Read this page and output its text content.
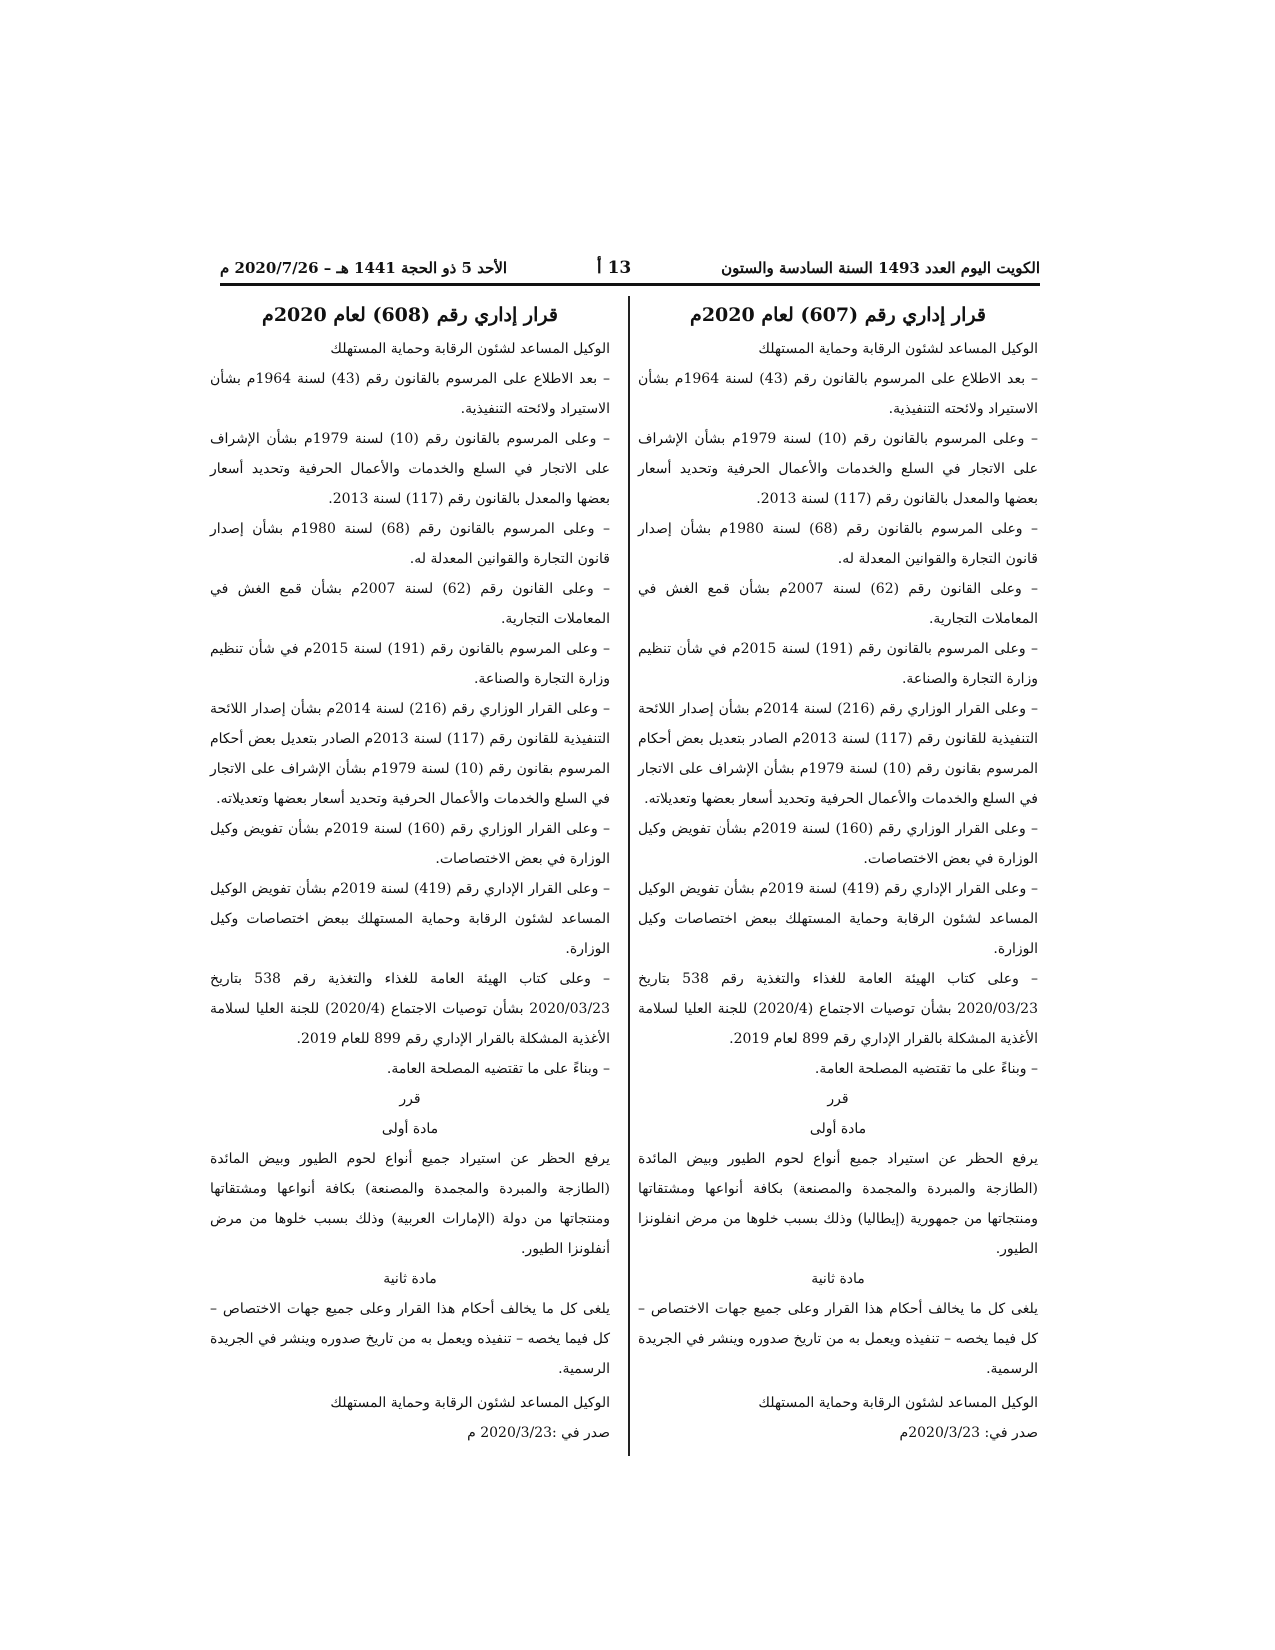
الكويت اليوم العدد 1493 السنة السادسة والستون
13 أ
الأحد 5 ذو الحجة 1441 هـ – 2020/7/26 م
قرار إداري رقم (607) لعام 2020م

الوكيل المساعد لشئون الرقابة وحماية المستهلك

– بعد الاطلاع على المرسوم بالقانون رقم (43) لسنة 1964م بشأن الاستيراد ولائحته التنفيذية.

– وعلى المرسوم بالقانون رقم (10) لسنة 1979م بشأن الإشراف على الاتجار في السلع والخدمات والأعمال الحرفية وتحديد أسعار بعضها والمعدل بالقانون رقم (117) لسنة 2013.

– وعلى المرسوم بالقانون رقم (68) لسنة 1980م بشأن إصدار قانون التجارة والقوانين المعدلة له.

– وعلى القانون رقم (62) لسنة 2007م بشأن قمع الغش في المعاملات التجارية.

– وعلى المرسوم بالقانون رقم (191) لسنة 2015م في شأن تنظيم وزارة التجارة والصناعة.

– وعلى القرار الوزاري رقم (216) لسنة 2014م بشأن إصدار اللائحة التنفيذية للقانون رقم (117) لسنة 2013م الصادر بتعديل بعض أحكام المرسوم بقانون رقم (10) لسنة 1979م بشأن الإشراف على الاتجار في السلع والخدمات والأعمال الحرفية وتحديد أسعار بعضها وتعديلاته.

– وعلى القرار الوزاري رقم (160) لسنة 2019م بشأن تفويض وكيل الوزارة في بعض الاختصاصات.

– وعلى القرار الإداري رقم (419) لسنة 2019م بشأن تفويض الوكيل المساعد لشئون الرقابة وحماية المستهلك ببعض اختصاصات وكيل الوزارة.

– وعلى كتاب الهيئة العامة للغذاء والتغذية رقم 538 بتاريخ 2020/03/23 بشأن توصيات الاجتماع (2020/4) للجنة العليا لسلامة الأغذية المشكلة بالقرار الإداري رقم 899 لعام 2019.

– وبناءً على ما تقتضيه المصلحة العامة.

قرر

مادة أولى

يرفع الحظر عن استيراد جميع أنواع لحوم الطيور وبيض المائدة (الطازجة والمبردة والمجمدة والمصنعة) بكافة أنواعها ومشتقاتها ومنتجاتها من جمهورية (إيطاليا) وذلك بسبب خلوها من مرض انفلونزا الطيور.

مادة ثانية

يلغى كل ما يخالف أحكام هذا القرار وعلى جميع جهات الاختصاص –كل فيما يخصه – تنفيذه ويعمل به من تاريخ صدوره وينشر في الجريدة الرسمية.

الوكيل المساعد لشئون الرقابة وحماية المستهلك

صدر في: 2020/3/23م

قرار إداري رقم (608) لعام 2020م

الوكيل المساعد لشئون الرقابة وحماية المستهلك

– بعد الاطلاع على المرسوم بالقانون رقم (43) لسنة 1964م بشأن الاستيراد ولائحته التنفيذية.

– وعلى المرسوم بالقانون رقم (10) لسنة 1979م بشأن الإشراف على الاتجار في السلع والخدمات والأعمال الحرفية وتحديد أسعار بعضها والمعدل بالقانون رقم (117) لسنة 2013.

– وعلى المرسوم بالقانون رقم (68) لسنة 1980م بشأن إصدار قانون التجارة والقوانين المعدلة له.

– وعلى القانون رقم (62) لسنة 2007م بشأن قمع الغش في المعاملات التجارية.

– وعلى المرسوم بالقانون رقم (191) لسنة 2015م في شأن تنظيم وزارة التجارة والصناعة.

– وعلى القرار الوزاري رقم (216) لسنة 2014م بشأن إصدار اللائحة التنفيذية للقانون رقم (117) لسنة 2013م الصادر بتعديل بعض أحكام المرسوم بقانون رقم (10) لسنة 1979م بشأن الإشراف على الاتجار في السلع والخدمات والأعمال الحرفية وتحديد أسعار بعضها وتعديلاته.

– وعلى القرار الوزاري رقم (160) لسنة 2019م بشأن تفويض وكيل الوزارة في بعض الاختصاصات.

– وعلى القرار الإداري رقم (419) لسنة 2019م بشأن تفويض الوكيل المساعد لشئون الرقابة وحماية المستهلك ببعض اختصاصات وكيل الوزارة.

– وعلى كتاب الهيئة العامة للغذاء والتغذية رقم 538 بتاريخ 2020/03/23 بشأن توصيات الاجتماع (2020/4) للجنة العليا لسلامة الأغذية المشكلة بالقرار الإداري رقم 899 للعام 2019.

– وبناءً على ما تقتضيه المصلحة العامة.

قرر

مادة أولى

يرفع الحظر عن استيراد جميع أنواع لحوم الطيور وبيض المائدة (الطازجة والمبردة والمجمدة والمصنعة) بكافة أنواعها ومشتقاتها ومنتجاتها من دولة (الإمارات العربية) وذلك بسبب خلوها من مرض أنفلونزا الطيور.

مادة ثانية

يلغى كل ما يخالف أحكام هذا القرار وعلى جميع جهات الاختصاص –كل فيما يخصه – تنفيذه ويعمل به من تاريخ صدوره وينشر في الجريدة الرسمية.

الوكيل المساعد لشئون الرقابة وحماية المستهلك

صدر في :2020/3/23 م
